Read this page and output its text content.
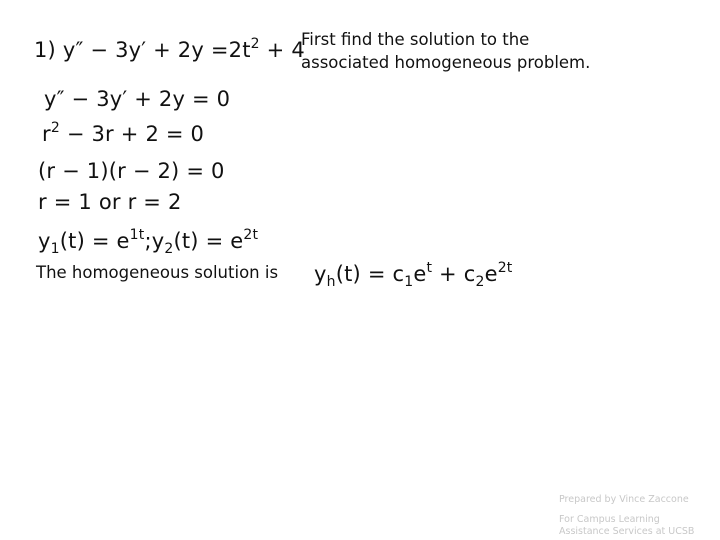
1) $y'' - 3y' + 2y =2t^2 + 4$
First find the solution to the
associated homogeneous problem.
y″ − 3y′ + 2y = 0
$r^2 - 3r + 2 = 0$
(r − 1)(r − 2) = 0
r = 1 or r = 2
$y_1(t)$ = $e^{1t};y_2(t) = e^{2t}$
The homogeneous solution is $y_h(t) = c_1e^t + c_2e^{2t}$
Prepared by Vince Zaccone
For Campus Learning
Assistance Services at UCSB
